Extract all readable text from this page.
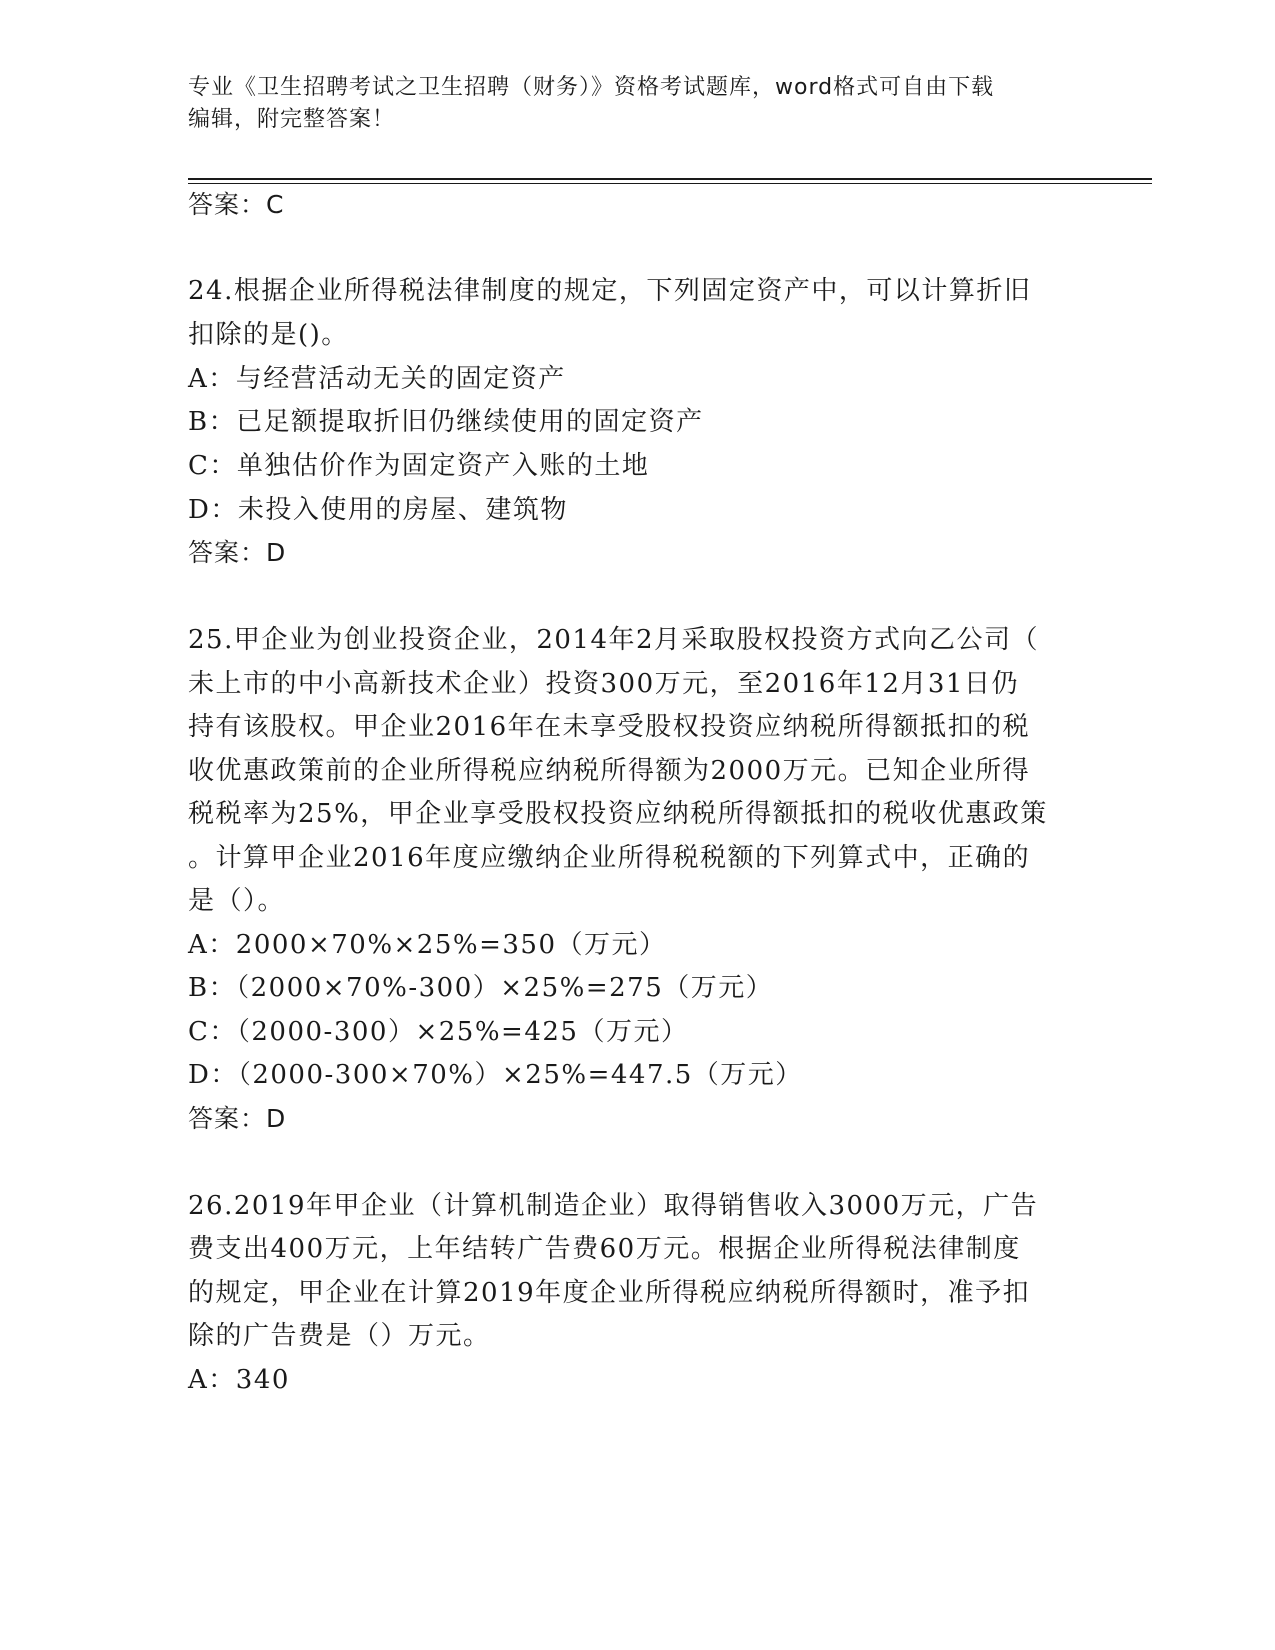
专业《卫生招聘考试之卫生招聘（财务）》资格考试题库，word格式可自由下载
编辑，附完整答案！
答案：C
24.根据企业所得税法律制度的规定，下列固定资产中，可以计算折旧
扣除的是()。
A：与经营活动无关的固定资产
B：已足额提取折旧仍继续使用的固定资产
C：单独估价作为固定资产入账的土地
D：未投入使用的房屋、建筑物
答案：D
25.甲企业为创业投资企业，2014年2月采取股权投资方式向乙公司（
未上市的中小高新技术企业）投资300万元，至2016年12月31日仍
持有该股权。甲企业2016年在未享受股权投资应纳税所得额抵扣的税
收优惠政策前的企业所得税应纳税所得额为2000万元。已知企业所得
税税率为25%，甲企业享受股权投资应纳税所得额抵扣的税收优惠政策
。计算甲企业2016年度应缴纳企业所得税税额的下列算式中，正确的
是（）。
A：2000×70%×25%=350（万元）
B：（2000×70%-300）×25%=275（万元）
C：（2000-300）×25%=425（万元）
D：（2000-300×70%）×25%=447.5（万元）
答案：D
26.2019年甲企业（计算机制造企业）取得销售收入3000万元，广告
费支出400万元，上年结转广告费60万元。根据企业所得税法律制度
的规定，甲企业在计算2019年度企业所得税应纳税所得额时，准予扣
除的广告费是（）万元。
A：340
